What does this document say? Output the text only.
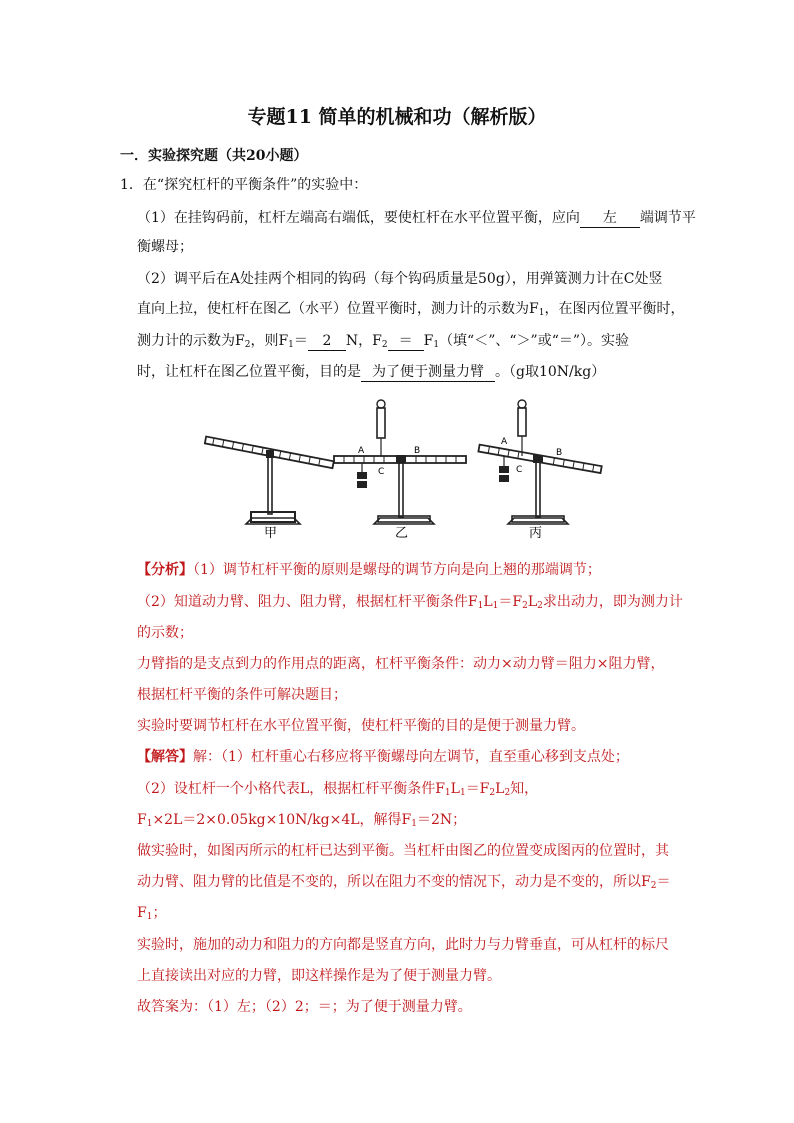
专题11 简单的机械和功（解析版）
一．实验探究题（共20小题）
1．在“探究杠杆的平衡条件”的实验中：
（1）在挂钩码前，杠杆左端高右端低，要使杠杆在水平位置平衡，应向 左 端调节平
衡螺母；
（2）调平后在A处挂两个相同的钩码（每个钩码质量是50g），用弹簧测力计在C处竖
直向上拉，使杠杆在图乙（水平）位置平衡时，测力计的示数为$F_1$，在图丙位置平衡时，
测力计的示数为$F_2$，则$F_1= 2$ N，$F_2 = F_1$（填“＜”、“＞”或“＝”）。实验
时，让杠杆在图乙位置平衡，目的是 为了便于测量力臂 。（g取10N/kg）
甲
A	B
C
乙
A
B
C
丙
【分析】（1）调节杠杆平衡的原则是螺母的调节方向是向上翘的那端调节；
（2）知道动力臂、阻力、阻力臂，根据杠杆平衡条件$F_1L_1=F_2L_2$求出动力，即为测力计
的示数；
力臂指的是支点到力的作用点的距离，杠杆平衡条件：动力×动力臂＝阻力×阻力臂，
根据杠杆平衡的条件可解决题目；
实验时要调节杠杆在水平位置平衡，使杠杆平衡的目的是便于测量力臂。
【解答】解：（1）杠杆重心右移应将平衡螺母向左调节，直至重心移到支点处；
（2）设杠杆一个小格代表L，根据杠杆平衡条件$F_1L_1=F_2L_2$知，
$F_1\times 2L=2\times 0.05kg\times 10N/kg\times 4L$，解得$F_1=2N$；
做实验时，如图丙所示的杠杆已达到平衡。当杠杆由图乙的位置变成图丙的位置时，其
动力臂、阻力臂的比值是不变的，所以在阻力不变的情况下，动力是不变的，所以$F_2=$
$F_1$；
实验时，施加的动力和阻力的方向都是竖直方向，此时力与力臂垂直，可从杠杆的标尺
上直接读出对应的力臂，即这样操作是为了便于测量力臂。
故答案为：（1）左；（2）2；＝；为了便于测量力臂。
